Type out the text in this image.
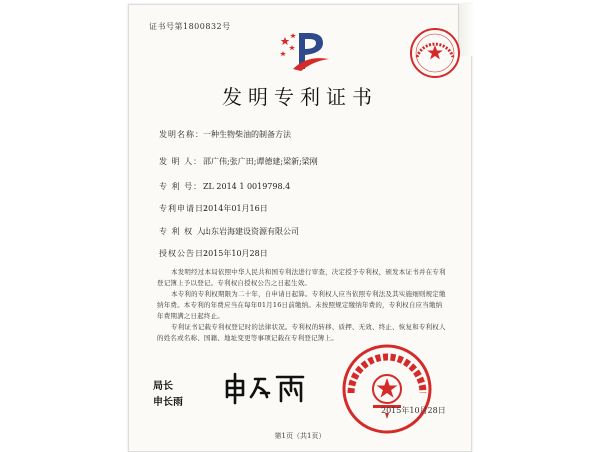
证书号第1800832号
发明专利证书
发明名称：一种生物柴油的制备方法
发 明 人：邵广伟;张广田;谭德建;梁新;梁刚
专 利 号：ZL 2014 1 0019798.4
专利申请日：2014年01月16日
专 利 权 人：山东岩海建设资源有限公司
授权公告日：2015年10月28日

本发明经过本局依照中华人民共和国专利法进行审查，决定授予专利权，颁发本证书并在专利登记簿上予以登记。专利权自授权公告之日起生效。

本专利的专利权期限为二十年，自申请日起算。专利权人应当依照专利法及其实施细则规定缴纳年费。本专利的年费应当在每年01月16日前缴纳。未按照规定缴纳年费的，专利权自应当缴纳年费期满之日起终止。

专利证书记载专利权登记时的法律状况。专利权的转移、质押、无效、终止、恢复和专利权人的姓名或名称、国籍、地址变更等事项记载在专利登记簿上。

局长
申长雨
2015年10月28日
第1页（共1页）
